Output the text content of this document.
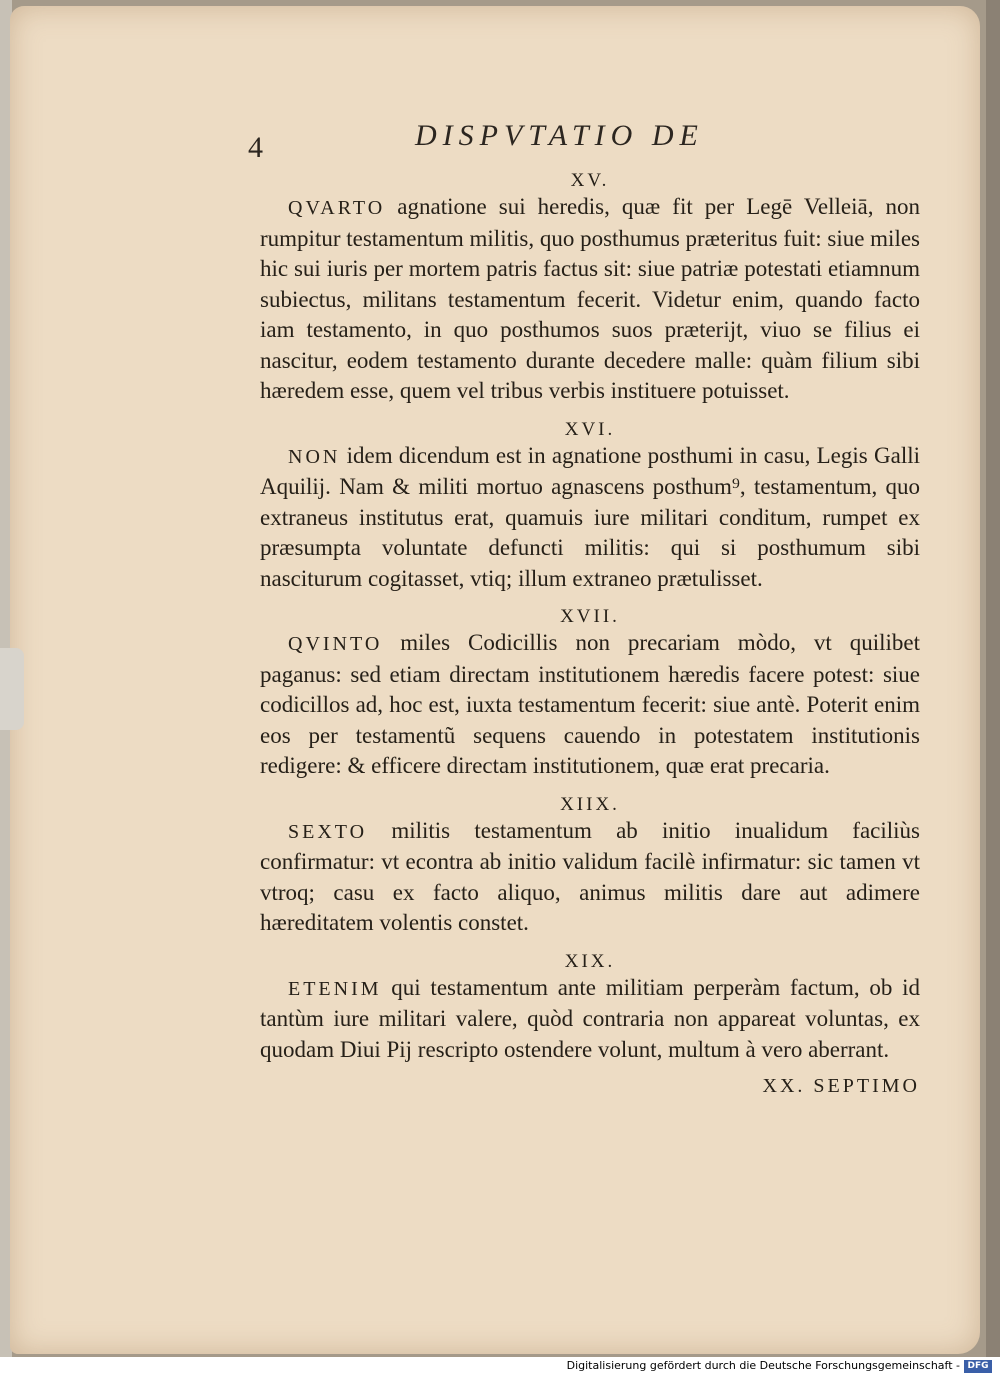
4	DISPVTATIO DE

XV.

QVARTO agnatione sui heredis, quæ fit per Legē Velleiā, non rumpitur testamentum militis, quo posthumus præteritus fuit: siue miles hic sui iuris per mortem patris factus sit: siue patriæ potestati etiamnum subiectus, militans testamentum fecerit. Videtur enim, quando facto iam testamento, in quo posthumos suos præterijt, viuo se filius ei nascitur, eodem testamento durante decedere malle: quàm filium sibi hæredem esse, quem vel tribus verbis instituere potuisset.

XVI.

NON idem dicendum est in agnatione posthumi in casu, Legis Galli Aquilij. Nam & militi mortuo agnascens posthum⁹, testamentum, quo extraneus institutus erat, quamuis iure militari conditum, rumpet ex præsumpta voluntate defuncti militis: qui si posthumum sibi nasciturum cogitasset, vtiq; illum extraneo prætulisset.

XVII.

QVINTO miles Codicillis non precariam mòdo, vt quilibet paganus: sed etiam directam institutionem hæredis facere potest: siue codicillos ad, hoc est, iuxta testamentum fecerit: siue antè. Poterit enim eos per testamentũ sequens cauendo in potestatem institutionis redigere: & efficere directam institutionem, quæ erat precaria.

XIIX.

SEXTO militis testamentum ab initio inualidum faciliùs confirmatur: vt econtra ab initio validum facilè infirmatur: sic tamen vt vtroq; casu ex facto aliquo, animus militis dare aut adimere hæreditatem volentis constet.

XIX.

ETENIM qui testamentum ante militiam perperàm factum, ob id tantùm iure militari valere, quòd contraria non appareat voluntas, ex quodam Diui Pij rescripto ostendere volunt, multum à vero aberrant.

XX. SEPTIMO
Digitalisierung gefördert durch die Deutsche Forschungsgemeinschaft - DFG
